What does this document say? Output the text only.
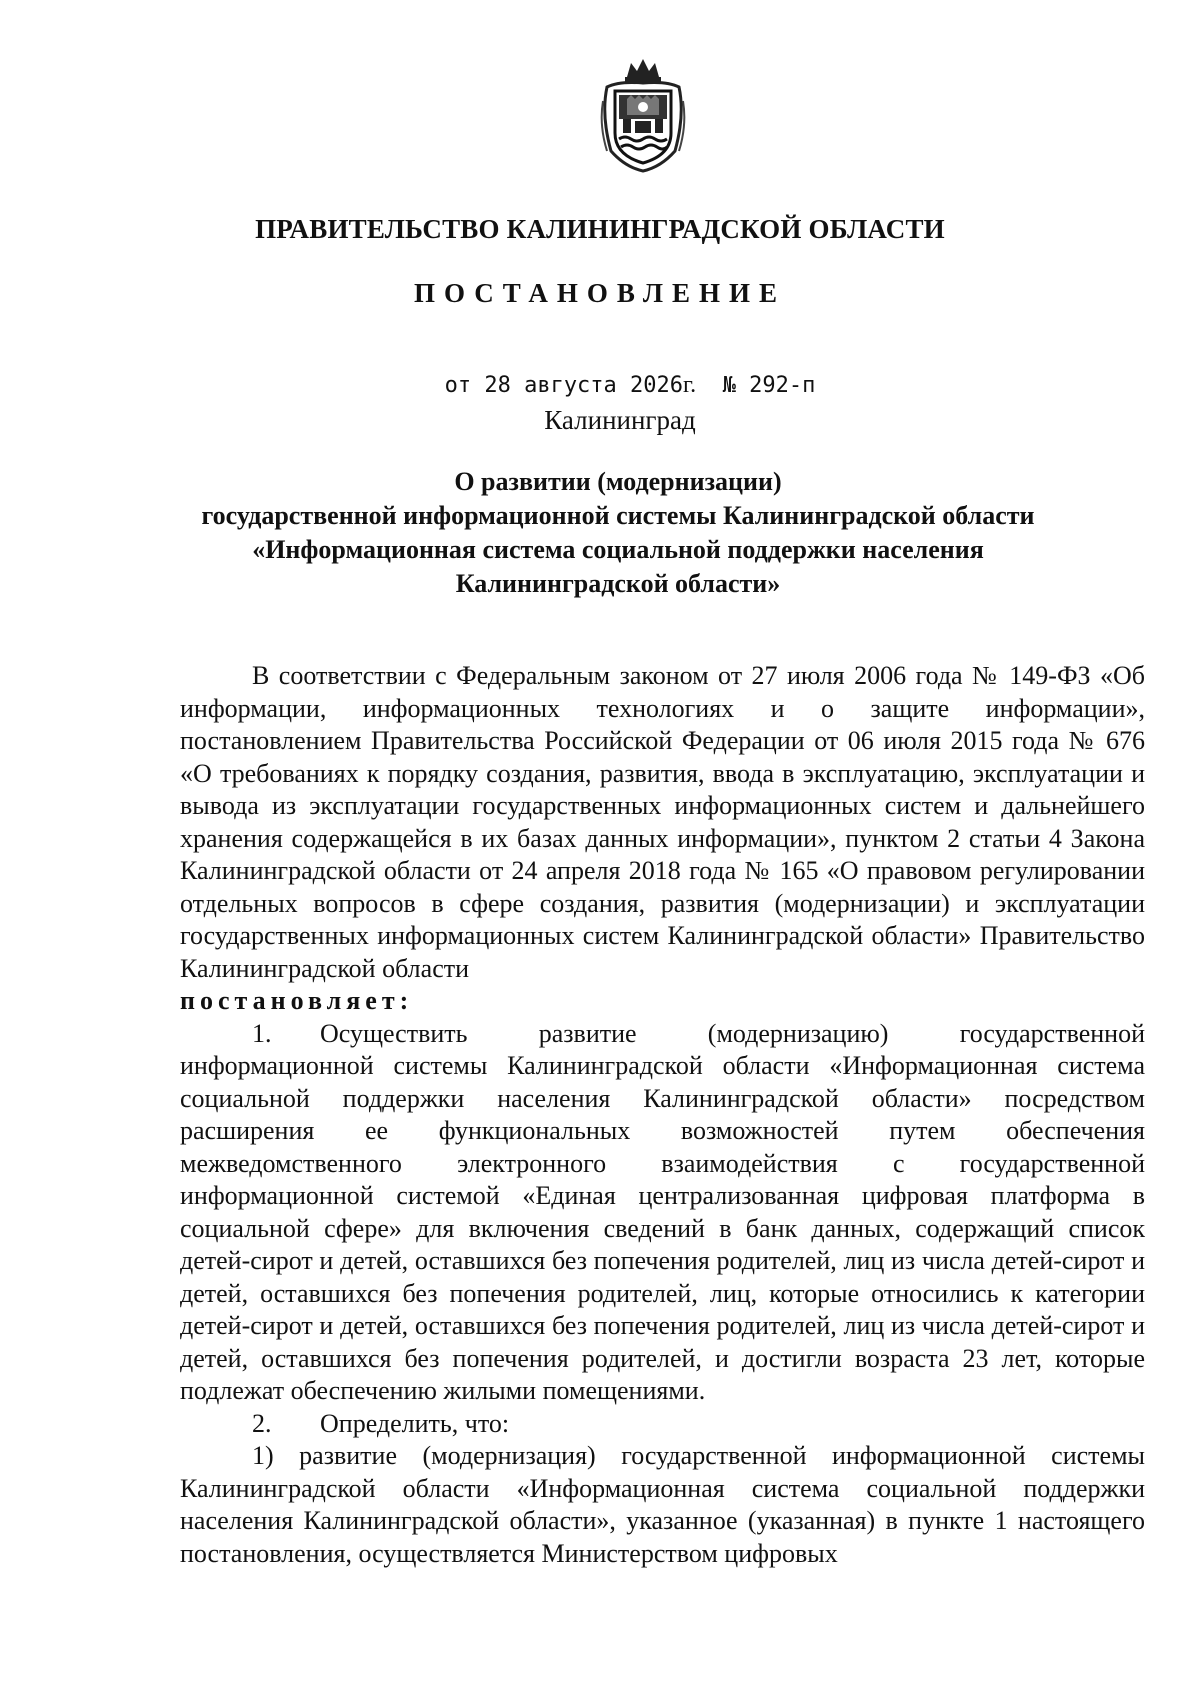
ПРАВИТЕЛЬСТВО КАЛИНИНГРАДСКОЙ ОБЛАСТИ
ПОСТАНОВЛЕНИЕ
от 28 августа 2026г. № 292-п
Калининград
О развитии (модернизации)
государственной информационной системы Калининградской области
«Информационная система социальной поддержки населения
Калининградской области»

В соответствии с Федеральным законом от 27 июля 2006 года № 149-ФЗ «Об информации, информационных технологиях и о защите информации», постановлением Правительства Российской Федерации от 06 июля 2015 года № 676 «О требованиях к порядку создания, развития, ввода в эксплуатацию, эксплуатации и вывода из эксплуатации государственных информационных систем и дальнейшего хранения содержащейся в их базах данных информации», пунктом 2 статьи 4 Закона Калининградской области от 24 апреля 2018 года № 165 «О правовом регулировании отдельных вопросов в сфере создания, развития (модернизации) и эксплуатации государственных информационных систем Калининградской области» Правительство Калининградской области

постановляет:

1. Осуществить развитие (модернизацию) государственной информационной системы Калининградской области «Информационная система социальной поддержки населения Калининградской области» посредством расширения ее функциональных возможностей путем обеспечения межведомственного электронного взаимодействия с государственной информационной системой «Единая централизованная цифровая платформа в социальной сфере» для включения сведений в банк данных, содержащий список детей-сирот и детей, оставшихся без попечения родителей, лиц из числа детей-сирот и детей, оставшихся без попечения родителей, лиц, которые относились к категории детей-сирот и детей, оставшихся без попечения родителей, лиц из числа детей-сирот и детей, оставшихся без попечения родителей, и достигли возраста 23 лет, которые подлежат обеспечению жилыми помещениями.

2. Определить, что:

1) развитие (модернизация) государственной информационной системы Калининградской области «Информационная система социальной поддержки населения Калининградской области», указанное (указанная) в пункте 1 настоящего постановления, осуществляется Министерством цифровых
